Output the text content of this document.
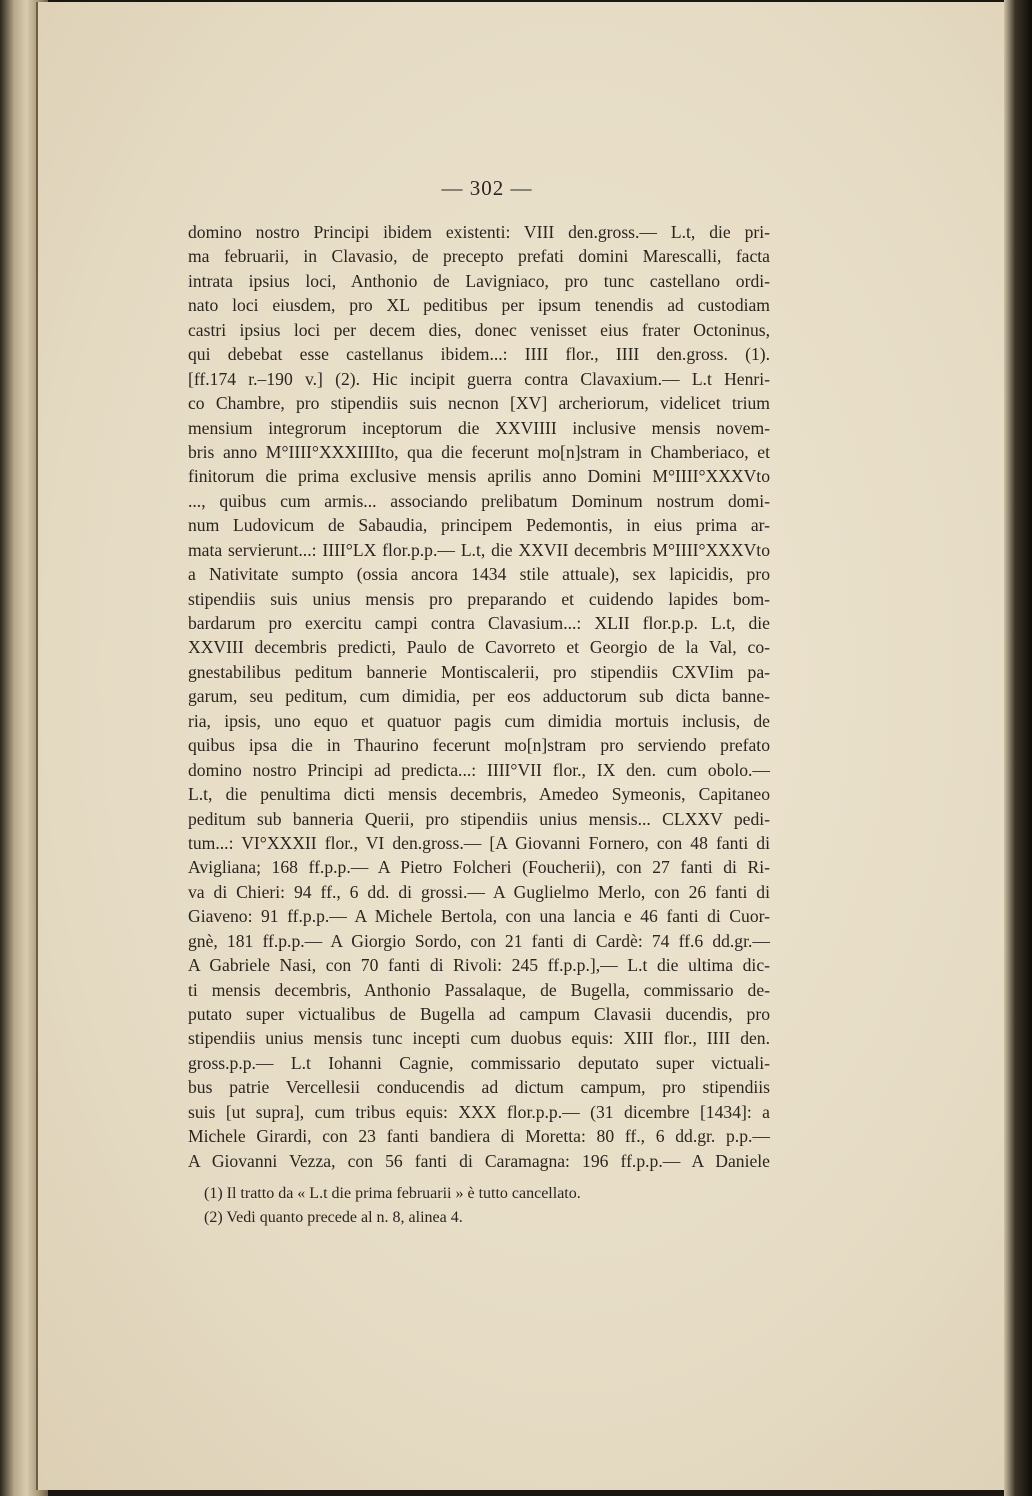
— 302 —
domino nostro Principi ibidem existenti: VIII den.gross.— L.t, die pri-
ma februarii, in Clavasio, de precepto prefati domini Marescalli, facta
intrata ipsius loci, Anthonio de Lavigniaco, pro tunc castellano ordi-
nato loci eiusdem, pro XL peditibus per ipsum tenendis ad custodiam
castri ipsius loci per decem dies, donec venisset eius frater Octoninus,
qui debebat esse castellanus ibidem...: IIII flor., IIII den.gross. (1).
[ff.174 r.–190 v.] (2). Hic incipit guerra contra Clavaxium.— L.t Henri-
co Chambre, pro stipendiis suis necnon [XV] archeriorum, videlicet trium
mensium integrorum inceptorum die XXVIIII inclusive mensis novem-
bris anno M°IIII°XXXIIIIto, qua die fecerunt mo[n]stram in Chamberiaco, et
finitorum die prima exclusive mensis aprilis anno Domini M°IIII°XXXVto
..., quibus cum armis... associando prelibatum Dominum nostrum domi-
num Ludovicum de Sabaudia, principem Pedemontis, in eius prima ar-
mata servierunt...: IIII°LX flor.p.p.— L.t, die XXVII decembris M°IIII°XXXVto
a Nativitate sumpto (ossia ancora 1434 stile attuale), sex lapicidis, pro
stipendiis suis unius mensis pro preparando et cuidendo lapides bom-
bardarum pro exercitu campi contra Clavasium...: XLII flor.p.p. L.t, die
XXVIII decembris predicti, Paulo de Cavorreto et Georgio de la Val, co-
gnestabilibus peditum bannerie Montiscalerii, pro stipendiis CXVIim pa-
garum, seu peditum, cum dimidia, per eos adductorum sub dicta banne-
ria, ipsis, uno equo et quatuor pagis cum dimidia mortuis inclusis, de
quibus ipsa die in Thaurino fecerunt mo[n]stram pro serviendo prefato
domino nostro Principi ad predicta...: IIII°VII flor., IX den. cum obolo.—
L.t, die penultima dicti mensis decembris, Amedeo Symeonis, Capitaneo
peditum sub banneria Querii, pro stipendiis unius mensis... CLXXV pedi-
tum...: VI°XXXII flor., VI den.gross.— [A Giovanni Fornero, con 48 fanti di
Avigliana; 168 ff.p.p.— A Pietro Folcheri (Foucherii), con 27 fanti di Ri-
va di Chieri: 94 ff., 6 dd. di grossi.— A Guglielmo Merlo, con 26 fanti di
Giaveno: 91 ff.p.p.— A Michele Bertola, con una lancia e 46 fanti di Cuor-
gnè, 181 ff.p.p.— A Giorgio Sordo, con 21 fanti di Cardè: 74 ff.6 dd.gr.—
A Gabriele Nasi, con 70 fanti di Rivoli: 245 ff.p.p.],— L.t die ultima dic-
ti mensis decembris, Anthonio Passalaque, de Bugella, commissario de-
putato super victualibus de Bugella ad campum Clavasii ducendis, pro
stipendiis unius mensis tunc incepti cum duobus equis: XIII flor., IIII den.
gross.p.p.— L.t Iohanni Cagnie, commissario deputato super victuali-
bus patrie Vercellesii conducendis ad dictum campum, pro stipendiis
suis [ut supra], cum tribus equis: XXX flor.p.p.— (31 dicembre [1434]: a
Michele Girardi, con 23 fanti bandiera di Moretta: 80 ff., 6 dd.gr. p.p.—
A Giovanni Vezza, con 56 fanti di Caramagna: 196 ff.p.p.— A Daniele
(1) Il tratto da « L.t die prima februarii » è tutto cancellato.
(2) Vedi quanto precede al n. 8, alinea 4.
